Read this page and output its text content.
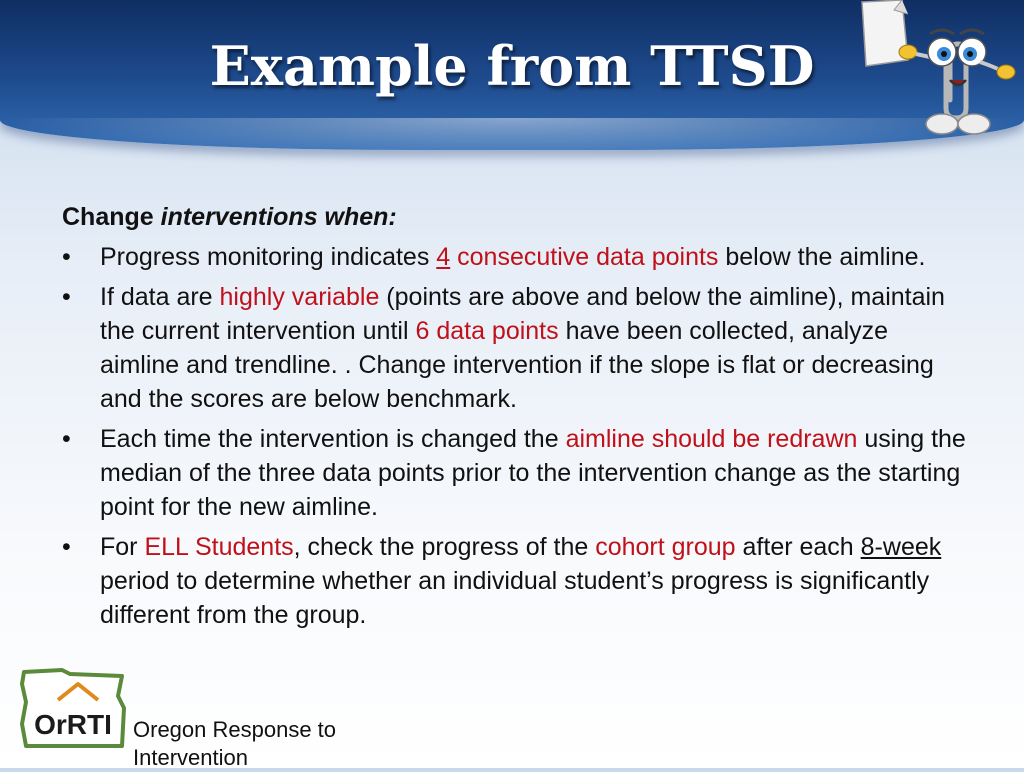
Example from TTSD

Change interventions when:

• Progress monitoring indicates 4 consecutive data points below the aimline.
• If data are highly variable (points are above and below the aimline), maintain the current intervention until 6 data points have been collected, analyze aimline and trendline. . Change intervention if the slope is flat or decreasing and the scores are below benchmark.
• Each time the intervention is changed the aimline should be redrawn using the median of the three data points prior to the intervention change as the starting point for the new aimline.
• For ELL Students, check the progress of the cohort group after each 8-week period to determine whether an individual student’s progress is significantly different from the group.
OrRTI Oregon Response to
Intervention
